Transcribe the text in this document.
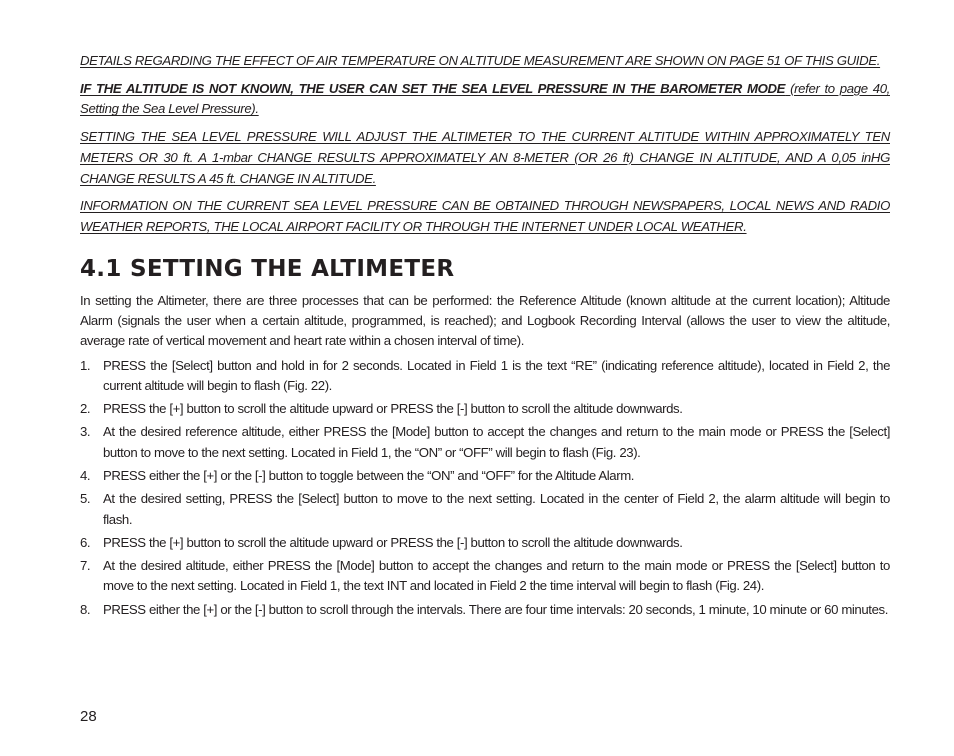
DETAILS REGARDING THE EFFECT OF AIR TEMPERATURE ON ALTITUDE MEASUREMENT ARE SHOWN ON PAGE 51 OF THIS GUIDE.

IF THE ALTITUDE IS NOT KNOWN, THE USER CAN SET THE SEA LEVEL PRESSURE IN THE BAROMETER MODE (refer to page 40, Setting the Sea Level Pressure).

SETTING THE SEA LEVEL PRESSURE WILL ADJUST THE ALTIMETER TO THE CURRENT ALTITUDE WITHIN APPROXIMATELY TEN METERS OR 30 ft. A 1-mbar CHANGE RESULTS APPROXIMATELY AN 8-METER (OR 26 ft) CHANGE IN ALTITUDE, AND A 0,05 inHG CHANGE RESULTS A 45 ft. CHANGE IN ALTITUDE.

INFORMATION ON THE CURRENT SEA LEVEL PRESSURE CAN BE OBTAINED THROUGH NEWSPAPERS, LOCAL NEWS AND RADIO WEATHER REPORTS, THE LOCAL AIRPORT FACILITY OR THROUGH THE INTERNET UNDER LOCAL WEATHER.

4.1 SETTING THE ALTIMETER

In setting the Altimeter, there are three processes that can be performed: the Reference Altitude (known altitude at the current location); Altitude Alarm (signals the user when a certain altitude, programmed, is reached); and Logbook Recording Interval (allows the user to view the altitude, average rate of vertical movement and heart rate within a chosen interval of time).

1. PRESS the [Select] button and hold in for 2 seconds. Located in Field 1 is the text “RE” (indicating reference altitude), located in Field 2, the current altitude will begin to flash (Fig. 22).
2. PRESS the [+] button to scroll the altitude upward or PRESS the [-] button to scroll the altitude downwards.
3. At the desired reference altitude, either PRESS the [Mode] button to accept the changes and return to the main mode or PRESS the [Select] button to move to the next setting. Located in Field 1, the “ON” or “OFF” will begin to flash (Fig. 23).
4. PRESS either the [+] or the [-] button to toggle between the “ON” and “OFF” for the Altitude Alarm.
5. At the desired setting, PRESS the [Select] button to move to the next setting. Located in the center of Field 2, the alarm altitude will begin to flash.
6. PRESS the [+] button to scroll the altitude upward or PRESS the [-] button to scroll the altitude downwards.
7. At the desired altitude, either PRESS the [Mode] button to accept the changes and return to the main mode or PRESS the [Select] button to move to the next setting. Located in Field 1, the text INT and located in Field 2 the time interval will begin to flash (Fig. 24).
8. PRESS either the [+] or the [-] button to scroll through the intervals. There are four time intervals: 20 seconds, 1 minute, 10 minute or 60 minutes.
28
